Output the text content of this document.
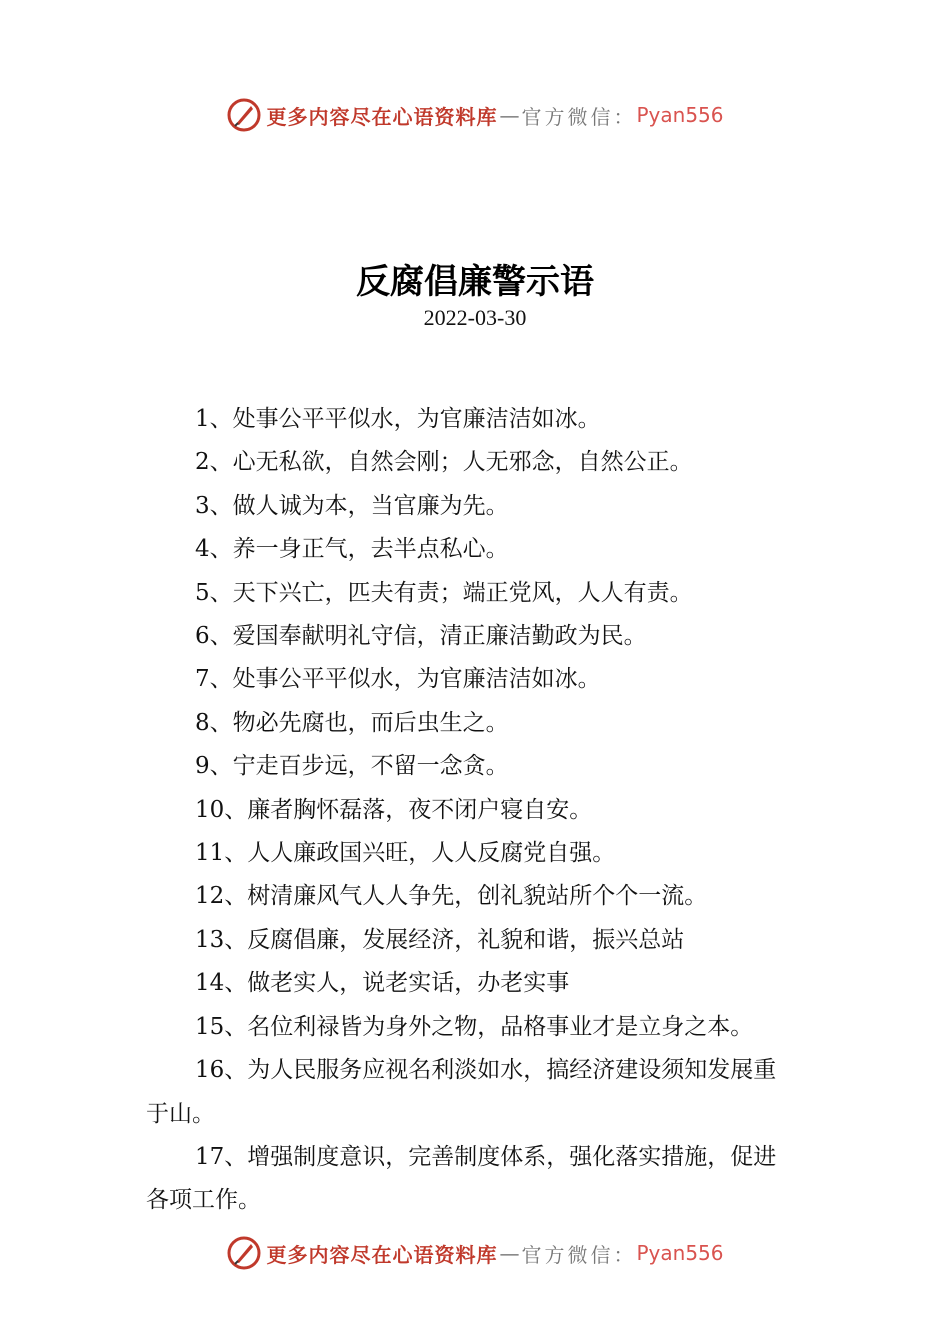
更多内容尽在心语资料库 — 官方微信： Pyan556
反腐倡廉警示语
2022-03-30
1、处事公平平似水，为官廉洁洁如冰。
2、心无私欲，自然会刚；人无邪念，自然公正。
3、做人诚为本，当官廉为先。
4、养一身正气，去半点私心。
5、天下兴亡，匹夫有责；端正党风，人人有责。
6、爱国奉献明礼守信，清正廉洁勤政为民。
7、处事公平平似水，为官廉洁洁如冰。
8、物必先腐也，而后虫生之。
9、宁走百步远，不留一念贪。
10、廉者胸怀磊落，夜不闭户寝自安。
11、人人廉政国兴旺，人人反腐党自强。
12、树清廉风气人人争先，创礼貌站所个个一流。
13、反腐倡廉，发展经济，礼貌和谐，振兴总站
14、做老实人，说老实话，办老实事
15、名位利禄皆为身外之物，品格事业才是立身之本。
16、为人民服务应视名利淡如水，搞经济建设须知发展重于山。
17、增强制度意识，完善制度体系，强化落实措施，促进各项工作。
更多内容尽在心语资料库 — 官方微信： Pyan556
